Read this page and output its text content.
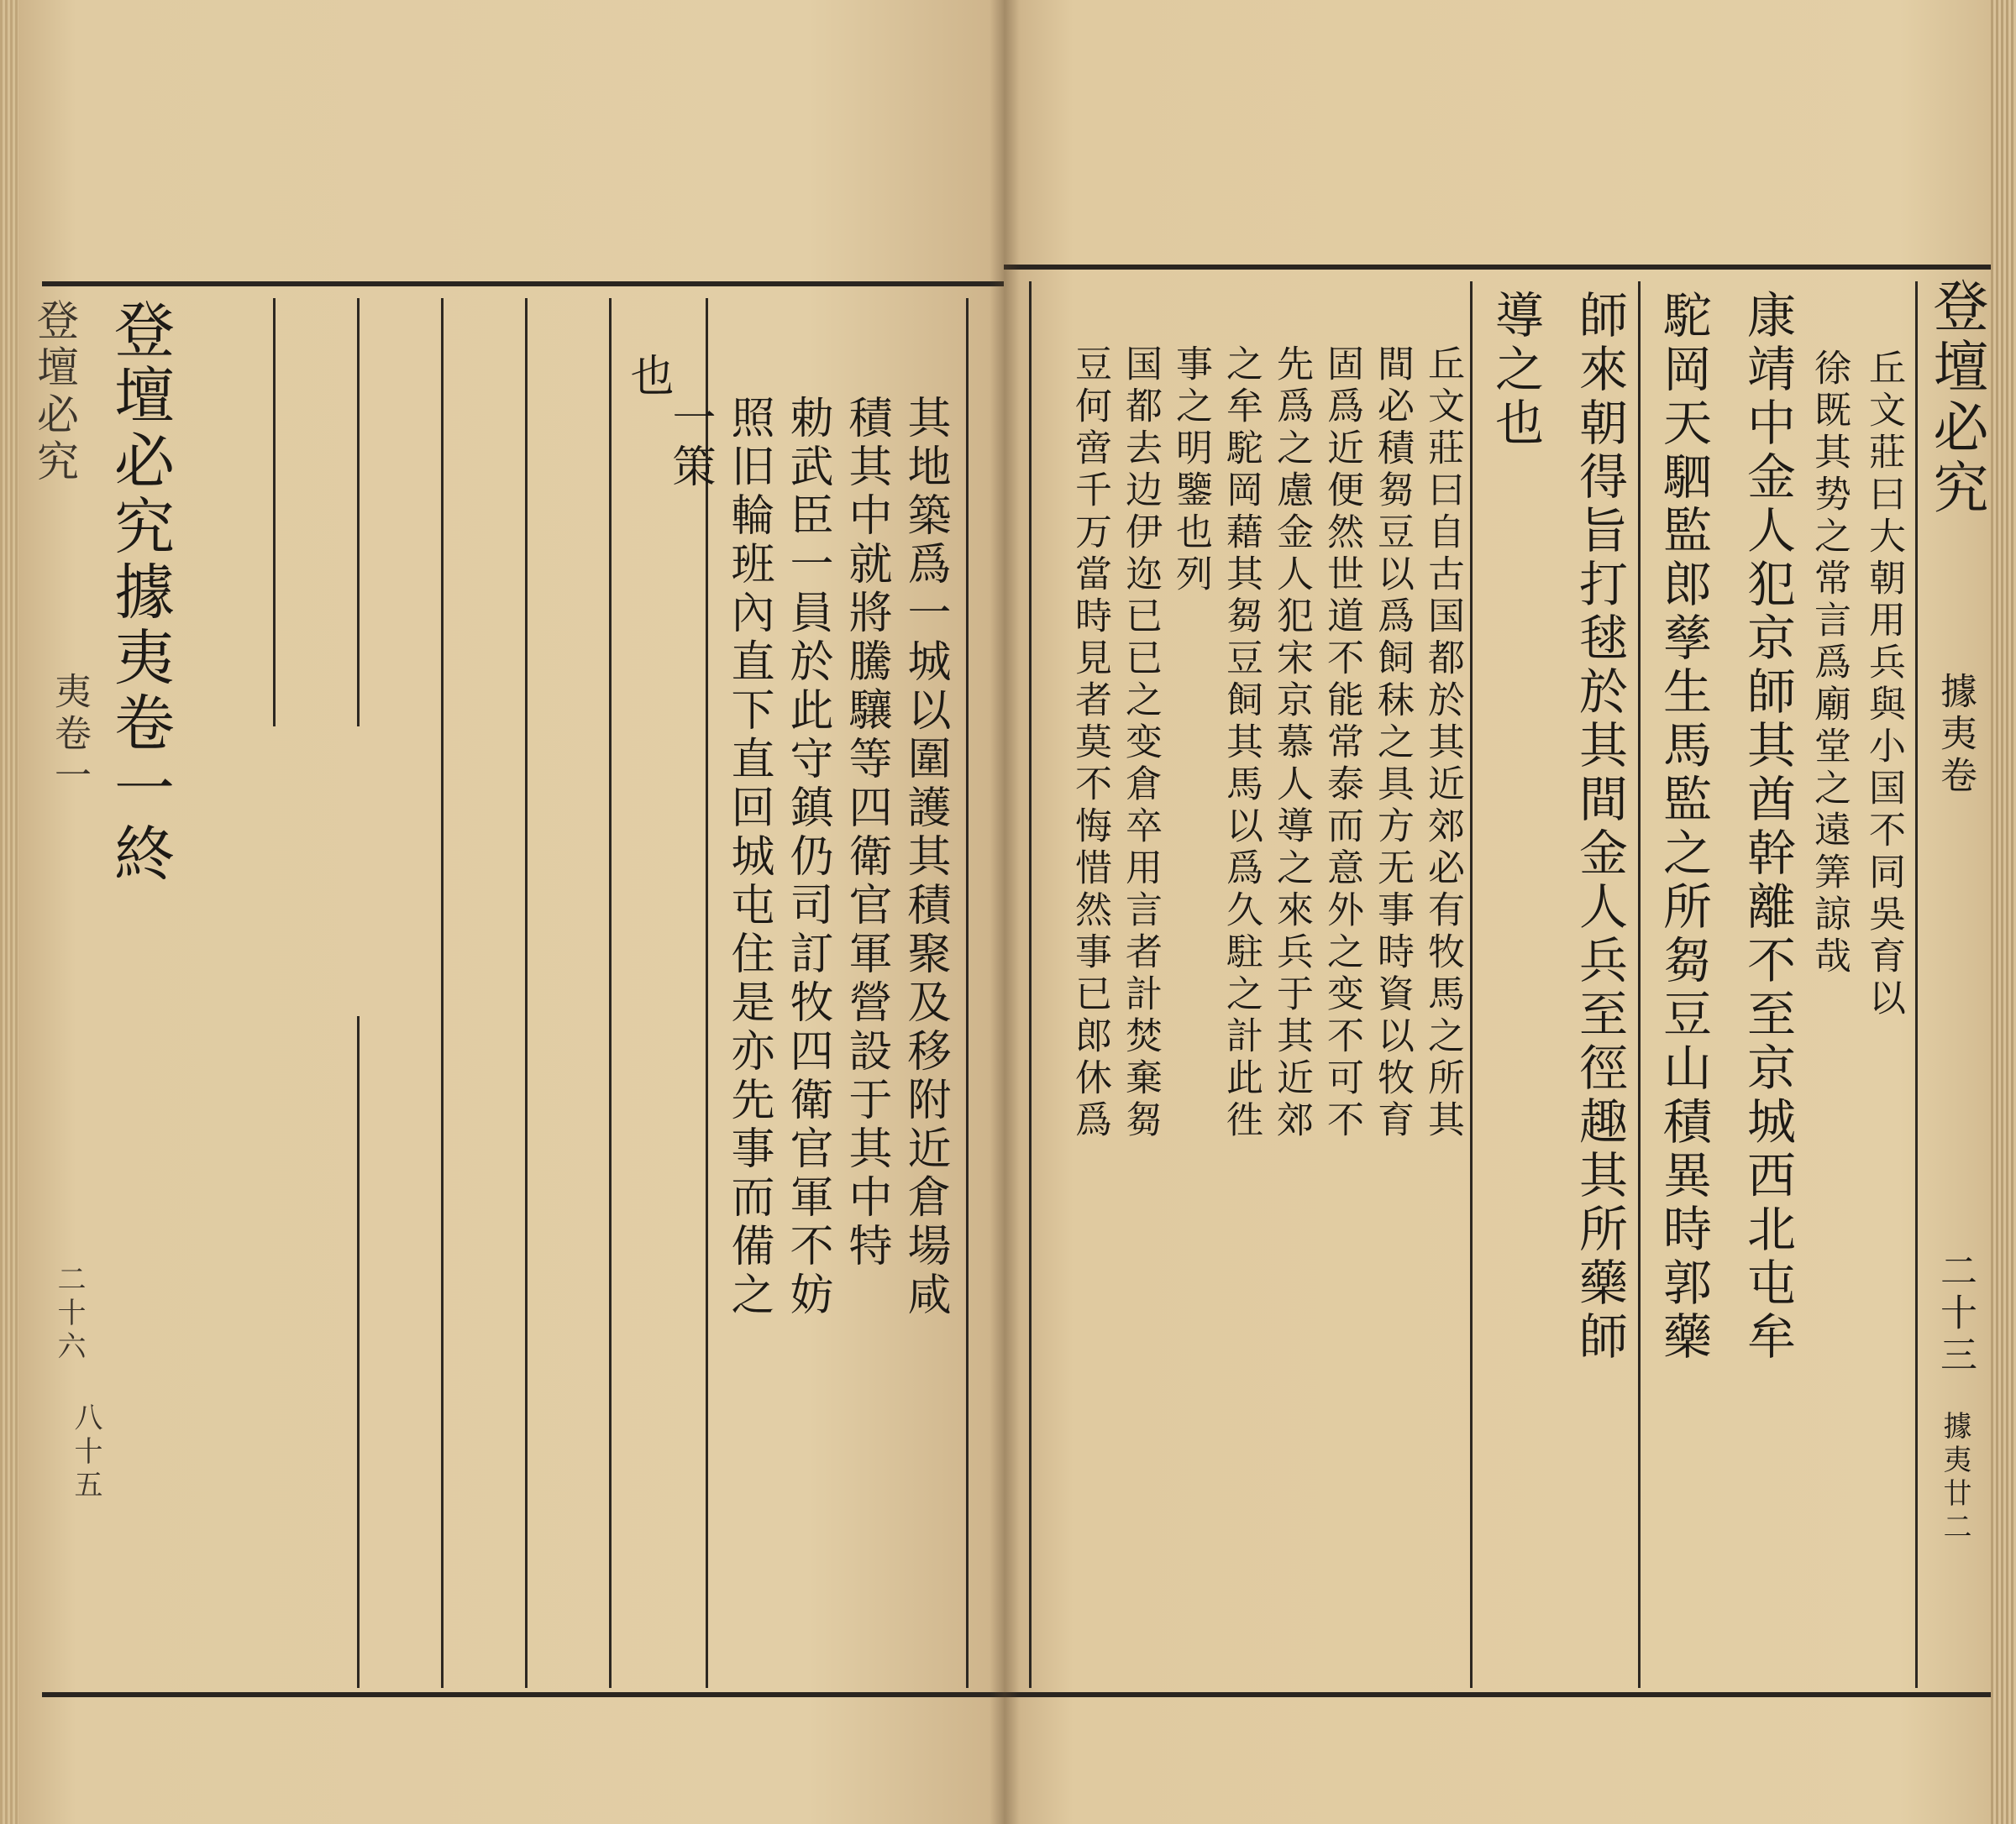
登壇必究 登壇必究據夷卷一終
夷卷一
二十六
八十五
其地築爲一城以圍護其積聚及移附近倉場咸
積其中就將騰驤等四衛官軍營設于其中特
勅武臣一員於此守鎮仍司訂牧四衛官軍不妨
照旧輪班內直下直回城屯住是亦先事而備之
一策
也	登壇必究
據夷卷
二十三
據夷廿二
丘文莊曰大朝用兵與小国不同吳育以
徐既其势之常言爲廟堂之遠筭諒哉
康靖中金人犯京師其酋幹離不至京城西北屯牟
駝岡天駟監郎孳生馬監之所芻豆山積異時郭藥
師來朝得旨打毬於其間金人兵至徑趣其所藥師
導之也
丘文莊曰自古国都於其近郊必有牧馬之所其
間必積芻豆以爲飼秣之具方无事時資以牧育
固爲近便然世道不能常泰而意外之变不可不
先爲之慮金人犯宋京慕人導之來兵于其近郊
之牟駝岡藉其芻豆飼其馬以爲久駐之計此徃
事之明鑒也列
国都去边伊迩已已之变倉卒用言者計焚棄芻
豆何啻千万當時見者莫不悔惜然事已郎休爲
